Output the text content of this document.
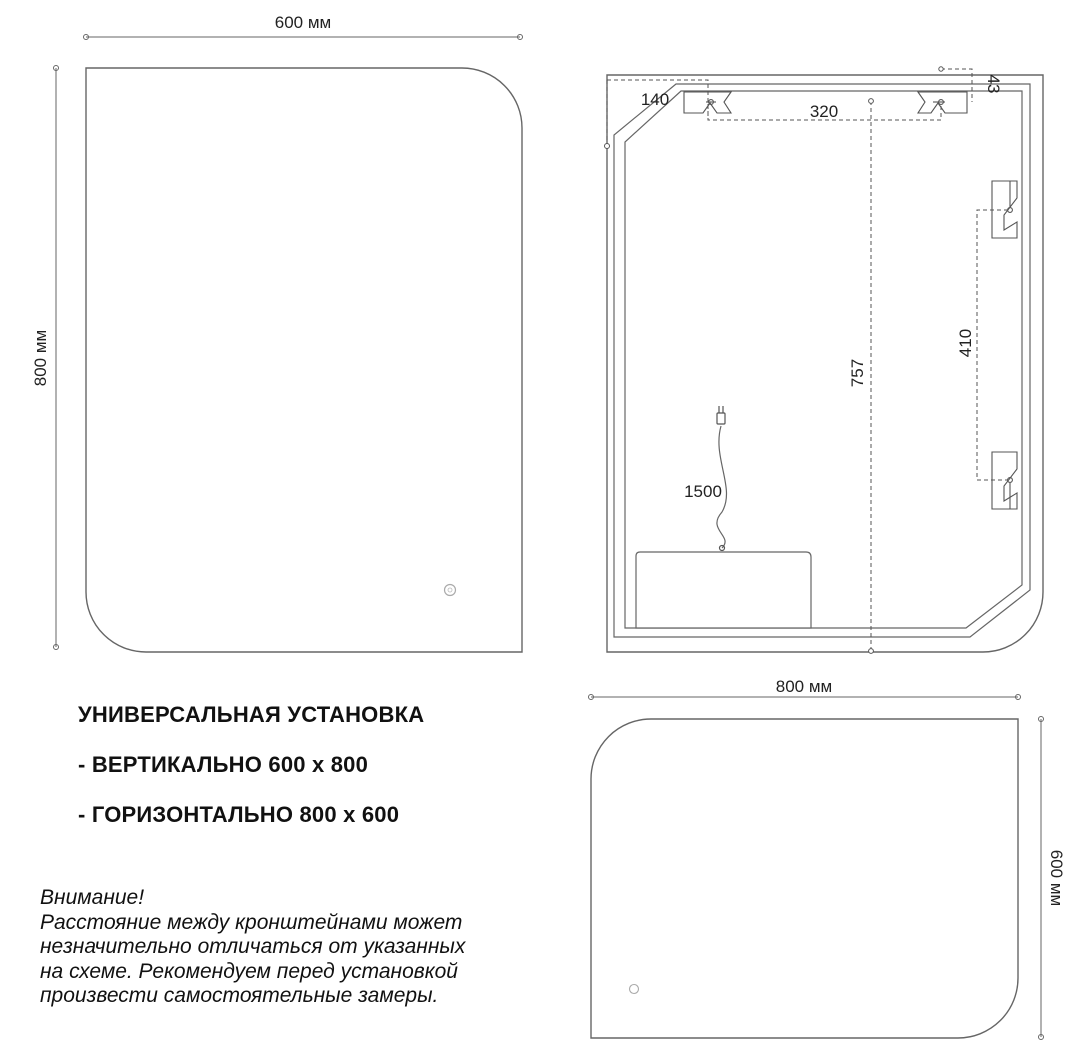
600 мм
800 мм
1500
140
320
43
757
410
800 мм
600 мм
УНИВЕРСАЛЬНАЯ УСТАНОВКА
- ВЕРТИКАЛЬНО 600 х 800
- ГОРИЗОНТАЛЬНО 800 х 600
Внимание!
Расстояние между кронштейнами может
незначительно отличаться от указанных
на схеме. Рекомендуем перед установкой
произвести самостоятельные замеры.
